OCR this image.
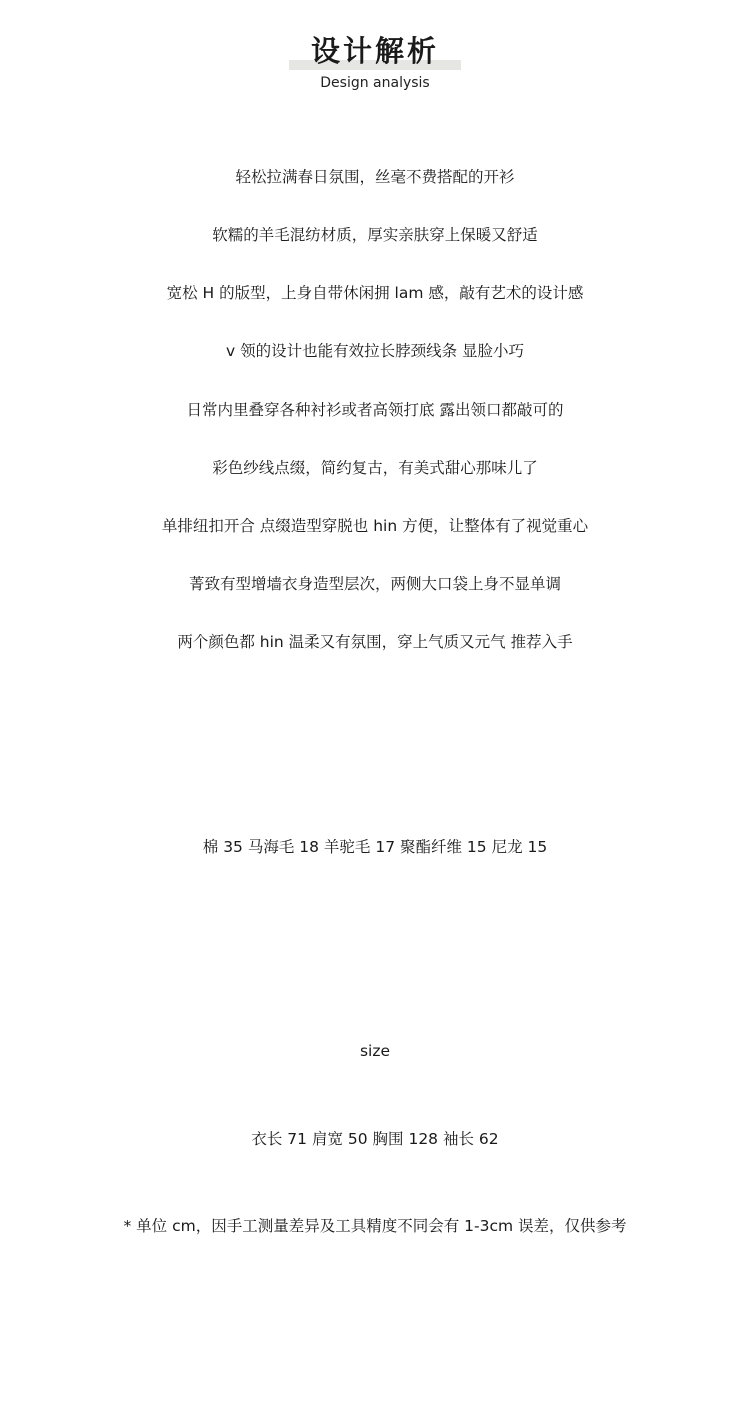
设计解析
Design analysis
轻松拉满春日氛围，丝毫不费搭配的开衫
软糯的羊毛混纺材质，厚实亲肤穿上保暖又舒适
宽松 H 的版型，上身自带休闲拥 lam 感，敲有艺术的设计感
v 领的设计也能有效拉长脖颈线条 显脸小巧
日常内里叠穿各种衬衫或者高领打底 露出领口都敲可的
彩色纱线点缀，简约复古，有美式甜心那味儿了
单排纽扣开合 点缀造型穿脱也 hin 方便，让整体有了视觉重心
菁致有型增墙衣身造型层次，两侧大口袋上身不显单调
两个颜色都 hin 温柔又有氛围，穿上气质又元气 推荐入手
棉 35 马海毛 18 羊驼毛 17 聚酯纤维 15 尼龙 15
size
衣长 71 肩宽 50 胸围 128 袖长 62
* 单位 cm，因手工测量差异及工具精度不同会有 1-3cm 误差，仅供参考
